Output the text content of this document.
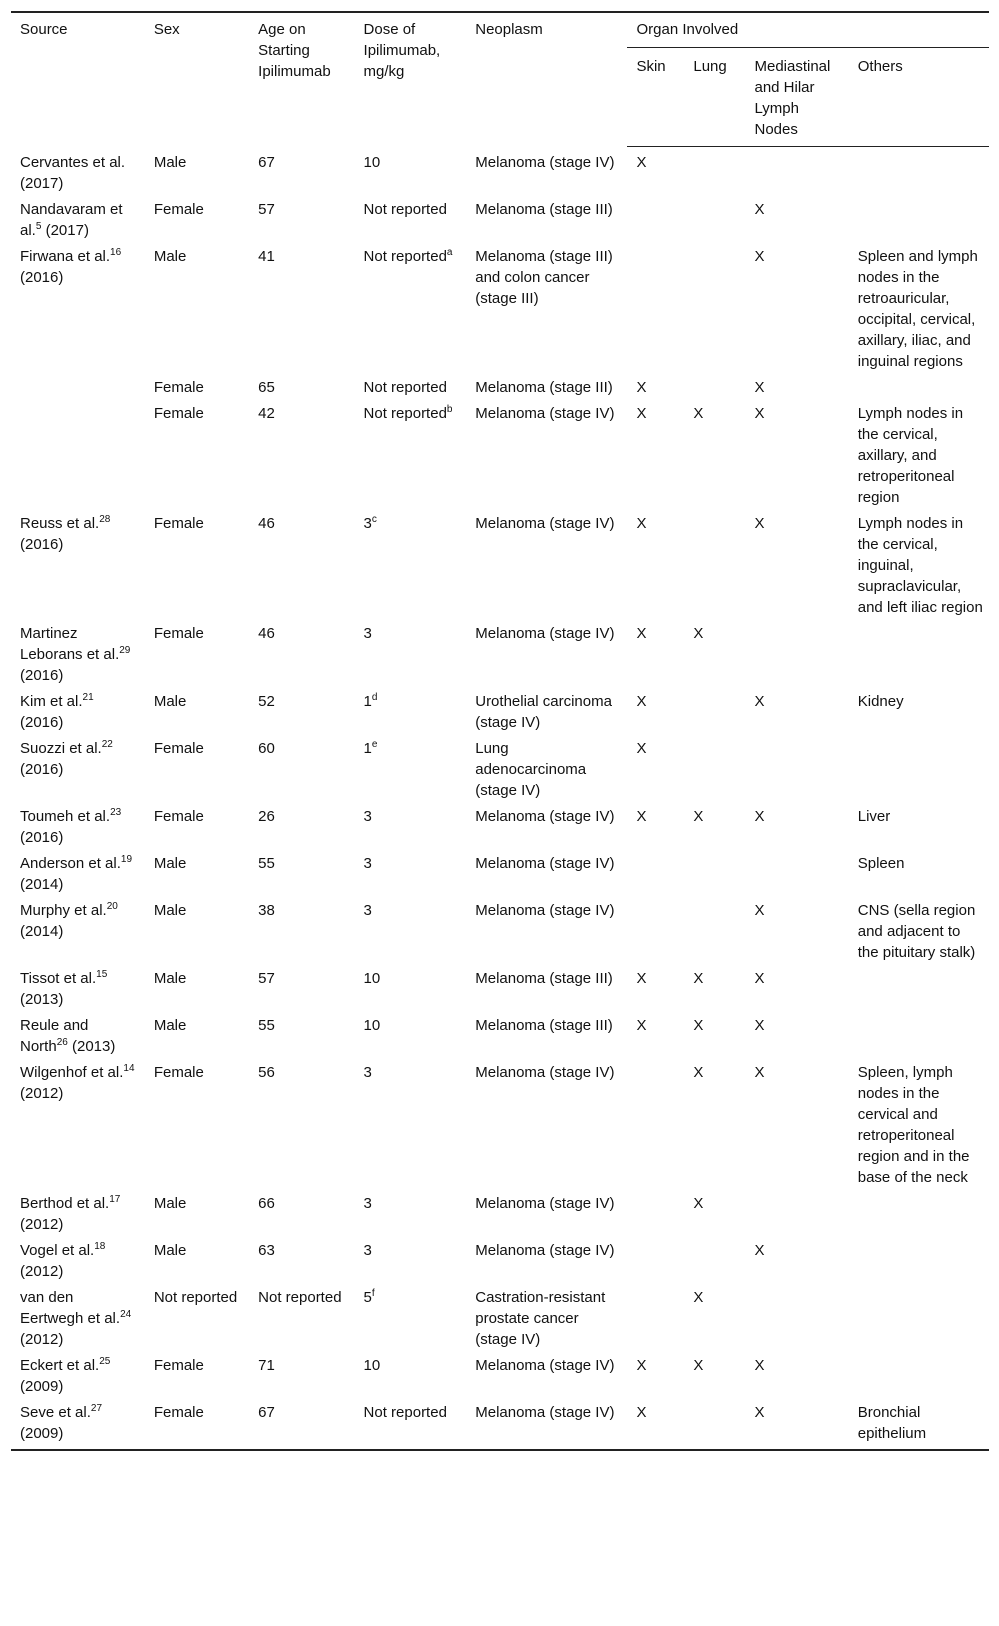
Source	Sex	Age on Starting Ipilimumab	Dose of Ipilimumab, mg/kg	Neoplasm	Organ Involved			
					Skin	Lung	Mediastinal and Hilar Lymph Nodes	Others
Cervantes et al. (2017)	Male	67	10	Melanoma (stage IV)	X			
Nandavaram et al.$^5$ (2017)	Female	57	Not reported	Melanoma (stage III)			X	
Firwana et al.$^{16}$ (2016)	Male	41	Not reported$^a$	Melanoma (stage III) and colon cancer (stage III)			X	Spleen and lymph nodes in the retroauricular, occipital, cervical, axillary, iliac, and inguinal regions
	Female	65	Not reported	Melanoma (stage III)	X		X	
	Female	42	Not reported$^b$	Melanoma (stage IV)	X	X	X	Lymph nodes in the cervical, axillary, and retroperitoneal region
Reuss et al.$^{28}$ (2016)	Female	46	3$^c$	Melanoma (stage IV)	X		X	Lymph nodes in the cervical, inguinal, supraclavicular, and left iliac region
Martinez Leborans et al.$^{29}$ (2016)	Female	46	3	Melanoma (stage IV)	X	X		
Kim et al.$^{21}$ (2016)	Male	52	1$^d$	Urothelial carcinoma (stage IV)	X		X	Kidney
Suozzi et al.$^{22}$ (2016)	Female	60	1e	Lung adenocarcinoma (stage IV)	X			
Toumeh et al.$^{23}$ (2016)	Female	26	3	Melanoma (stage IV)	X	X	X	Liver
Anderson et al.$^{19}$ (2014)	Male	55	3	Melanoma (stage IV)				Spleen
Murphy et al.$^{20}$ (2014)	Male	38	3	Melanoma (stage IV)			X	CNS (sella region and adjacent to the pituitary stalk)
Tissot et al.$^{15}$ (2013)	Male	57	10	Melanoma (stage III)	X	X	X	
Reule and North$^{26}$ (2013)	Male	55	10	Melanoma (stage III)	X	X	X	
Wilgenhof et al.$^{14}$ (2012)	Female	56	3	Melanoma (stage IV)		X	X	Spleen, lymph nodes in the cervical and retroperitoneal region and in the base of the neck
Berthod et al.$^{17}$ (2012)	Male	66	3	Melanoma (stage IV)		X		
Vogel et al.$^{18}$ (2012)	Male	63	3	Melanoma (stage IV)			X	
van den Eertwegh et al.$^{24}$ (2012)	Not reported	Not reported	5$^f$	Castration-resistant prostate cancer (stage IV)		X		
Eckert et al.$^{25}$ (2009)	Female	71	10	Melanoma (stage IV)	X	X	X	
Seve et al.$^{27}$ (2009)	Female	67	Not reported	Melanoma (stage IV)	X		X	Bronchial epithelium
